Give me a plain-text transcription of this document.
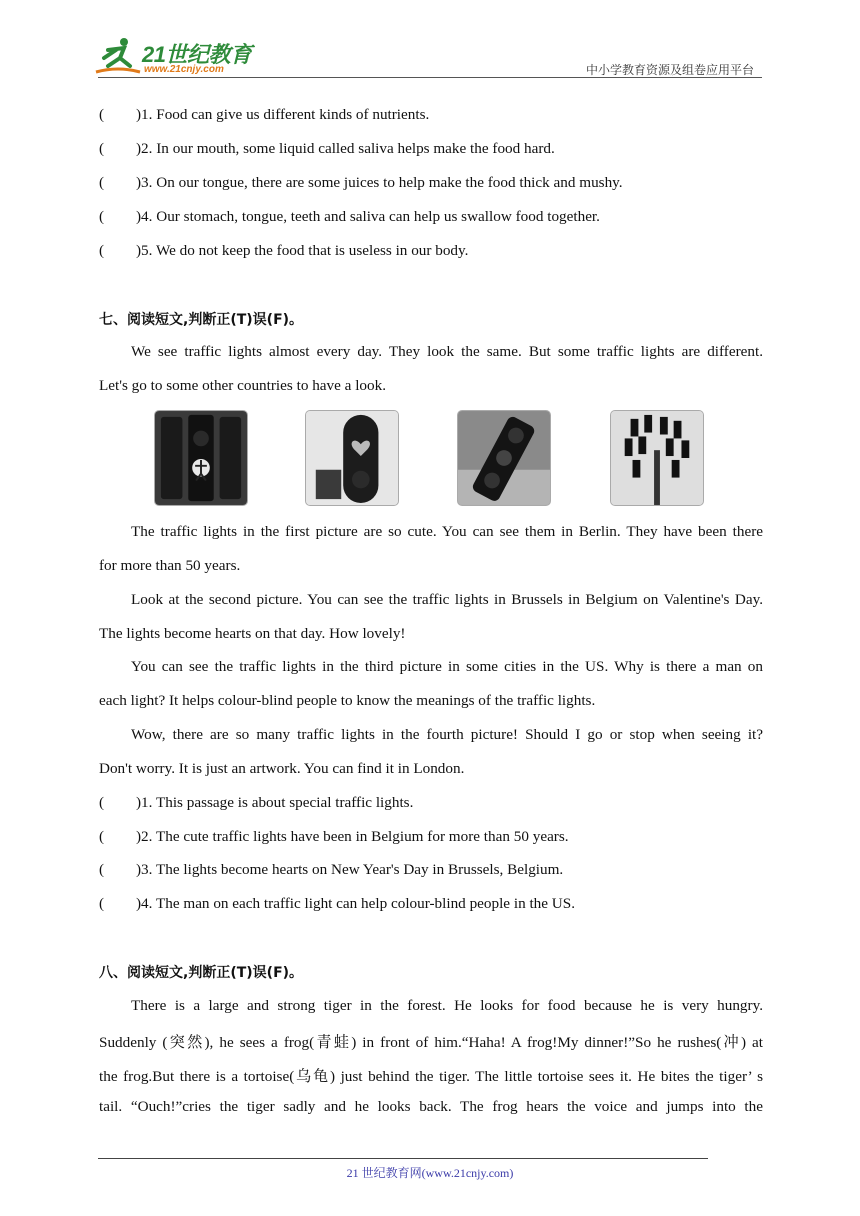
21世纪教育
www.21cnjy.com	中小学教育资源及组卷应用平台
( )1. Food can give us different kinds of nutrients.
( )2. In our mouth, some liquid called saliva helps make the food hard.
( )3. On our tongue, there are some juices to help make the food thick and mushy.
( )4. Our stomach, tongue, teeth and saliva can help us swallow food together.
( )5. We do not keep the food that is useless in our body.
七、阅读短文,判断正(T)误(F)。
We see traffic lights almost every day. They look the same. But some traffic lights are different.
Let's go to some other countries to have a look.
The traffic lights in the first picture are so cute. You can see them in Berlin. They have been there
for more than 50 years.
Look at the second picture. You can see the traffic lights in Brussels in Belgium on Valentine's Day.
The lights become hearts on that day. How lovely!
You can see the traffic lights in the third picture in some cities in the US. Why is there a man on
each light? It helps colour-blind people to know the meanings of the traffic lights.
Wow, there are so many traffic lights in the fourth picture! Should I go or stop when seeing it?
Don't worry. It is just an artwork. You can find it in London.
( )1. This passage is about special traffic lights.
( )2. The cute traffic lights have been in Belgium for more than 50 years.
( )3. The lights become hearts on New Year's Day in Brussels, Belgium.
( )4. The man on each traffic light can help colour-blind people in the US.
八、阅读短文,判断正(T)误(F)。
There is a large and strong tiger in the forest. He looks for food because he is very hungry.
Suddenly (突然), he sees a frog(青蛙) in front of him.“Haha! A frog!My dinner!”So he rushes(冲) at
the frog.But there is a tortoise(乌龟) just behind the tiger. The little tortoise sees it. He bites the tiger’ s
tail. “Ouch!”cries the tiger sadly and he looks back. The frog hears the voice and jumps into the
21 世纪教育网(www.21cnjy.com)
